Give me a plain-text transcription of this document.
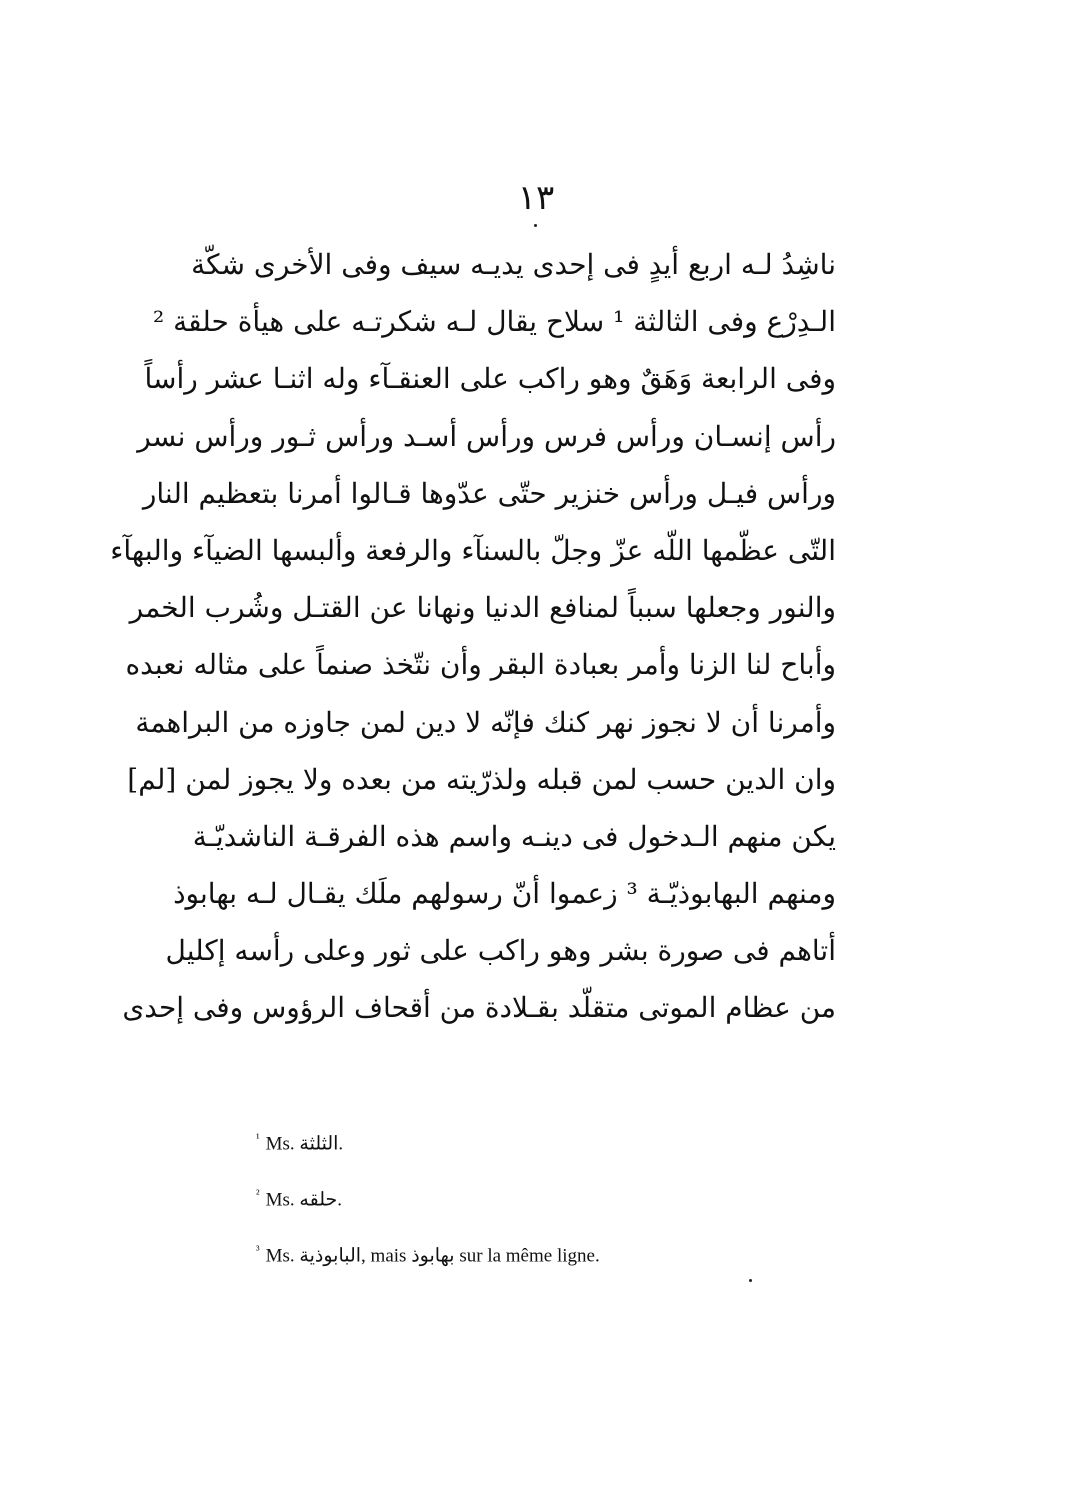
١٣
ناشِدُ لـه اربع أيدٍ فى إحدى يديـه سيف وفى الأخرى شكّة
الـدِرْع وفى الثالثة ¹ سلاح يقال لـه شكرتـه على هيأة حلقة ²
وفى الرابعة وَهَقٌ وهو راكب على العنقـآء وله اثنـا عشر رأساً
رأس إنسـان ورأس فرس ورأس أسـد ورأس ثـور ورأس نسر
ورأس فيـل ورأس خنزير حتّى عدّوها قـالوا أمرنا بتعظيم النار
التّى عظّمها اللّه عزّ وجلّ بالسنآء والرفعة وألبسها الضيآء والبهآء
والنور وجعلها سبباً لمنافع الدنيا ونهانا عن القتـل وشُرب الخمر
وأباح لنا الزنا وأمر بعبادة البقر وأن نتّخذ صنماً على مثاله نعبده
وأمرنا أن لا نجوز نهر كنك فإنّه لا دين لمن جاوزه من البراهمة
وان الدين حسب لمن قبله ولذرّيته من بعده ولا يجوز لمن [لم]
يكن منهم الـدخول فى دينـه واسم هذه الفرقـة الناشديّـة
ومنهم البهابوذيّـة ³ زعموا أنّ رسولهم ملَك يقـال لـه بهابوذ
أتاهم فى صورة بشر وهو راكب على ثور وعلى رأسه إكليل
من عظام الموتى متقلّد بقـلادة من أقحاف الرؤوس وفى إحدى
$^{^1}$ Ms. الثلثة.
$^{^2}$ Ms. حلقه.
$^{^3}$ Ms. البابوذية, mais بهابوذ sur la même ligne.
